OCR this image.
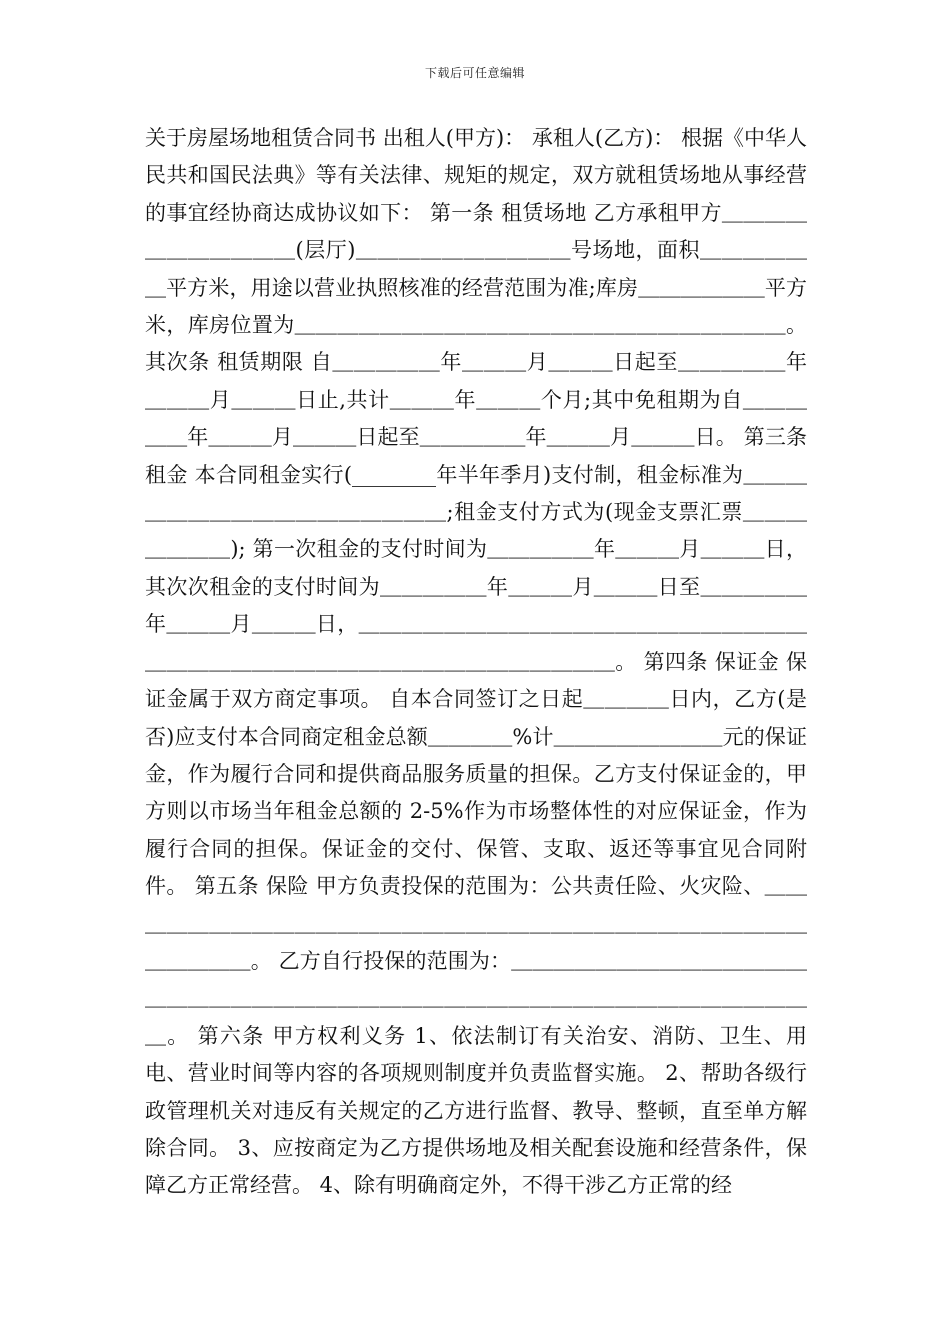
下载后可任意编辑

关于房屋场地租赁合同书 出租人(甲方)： 承租人(乙方)： 根据《中华人民共和国民法典》等有关法律、规矩的规定，双方就租赁场地从事经营的事宜经协商达成协议如下： 第一条 租赁场地 乙方承租甲方＿＿＿＿＿＿＿＿＿＿＿(层厅)＿＿＿＿＿＿＿＿＿＿号场地，面积＿＿＿＿＿＿平方米，用途以营业执照核准的经营范围为准;库房＿＿＿＿＿＿平方米，库房位置为＿＿＿＿＿＿＿＿＿＿＿＿＿＿＿＿＿＿＿＿＿＿＿。 其次条 租赁期限 自＿＿＿＿＿年＿＿＿月＿＿＿日起至＿＿＿＿＿年＿＿＿月＿＿＿日止,共计＿＿＿年＿＿＿个月;其中免租期为自＿＿＿＿＿年＿＿＿月＿＿＿日起至＿＿＿＿＿年＿＿＿月＿＿＿日。 第三条 租金 本合同租金实行(________年半年季月)支付制，租金标准为＿＿＿＿＿＿＿＿＿＿＿＿＿＿＿＿＿;租金支付方式为(现金支票汇票＿＿＿＿＿＿＿); 第一次租金的支付时间为＿＿＿＿＿年＿＿＿月＿＿＿日， 其次次租金的支付时间为＿＿＿＿＿年＿＿＿月＿＿＿日至＿＿＿＿＿年＿＿＿月＿＿＿日，＿＿＿＿＿＿＿＿＿＿＿＿＿＿＿＿＿＿＿＿＿＿＿＿＿＿＿＿＿＿＿＿＿＿＿＿＿＿＿＿＿＿＿。 第四条 保证金 保证金属于双方商定事项。 自本合同签订之日起＿＿＿＿日内，乙方(是否)应支付本合同商定租金总额＿＿＿＿%计＿＿＿＿＿＿＿＿元的保证金，作为履行合同和提供商品服务质量的担保。乙方支付保证金的，甲方则以市场当年租金总额的 2-5%作为市场整体性的对应保证金，作为履行合同的担保。保证金的交付、保管、支取、返还等事宜见合同附件。 第五条 保险 甲方负责投保的范围为：公共责任险、火灾险、＿＿＿＿＿＿＿＿＿＿＿＿＿＿＿＿＿＿＿＿＿＿＿＿＿＿＿＿＿＿＿＿＿＿＿＿＿＿。 乙方自行投保的范围为：＿＿＿＿＿＿＿＿＿＿＿＿＿＿＿＿＿＿＿＿＿＿＿＿＿＿＿＿＿＿＿＿＿＿＿＿＿＿＿＿＿＿＿＿＿＿。 第六条 甲方权利义务 1、依法制订有关治安、消防、卫生、用电、营业时间等内容的各项规则制度并负责监督实施。 2、帮助各级行政管理机关对违反有关规定的乙方进行监督、教导、整顿，直至单方解除合同。 3、应按商定为乙方提供场地及相关配套设施和经营条件，保障乙方正常经营。 4、除有明确商定外，不得干涉乙方正常的经
